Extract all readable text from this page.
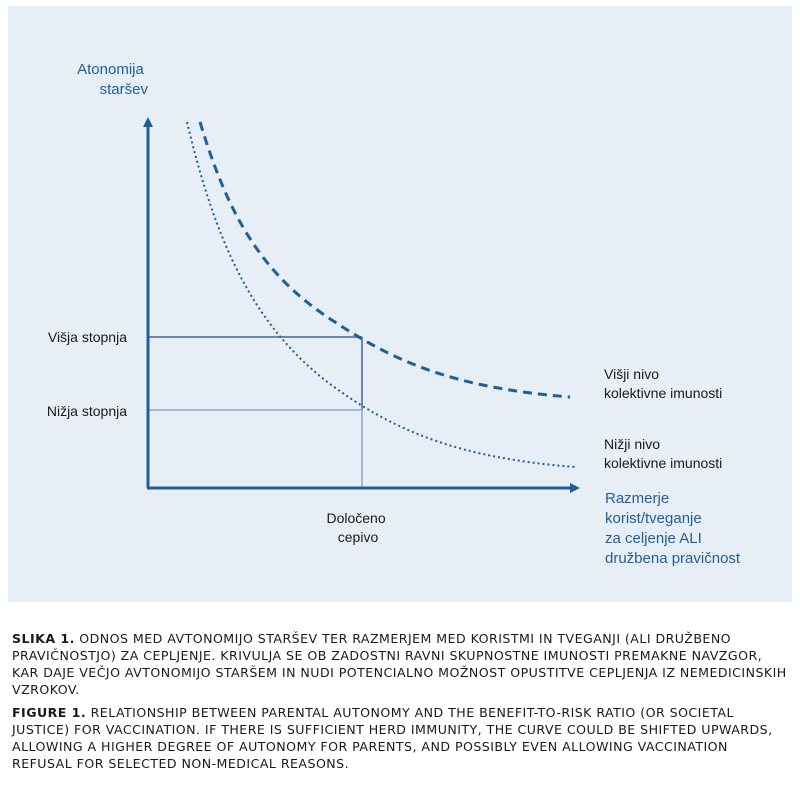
Atonomija staršev
Višja stopnja
Nižja stopnja
Določeno cepivo
Višji nivo kolektivne imunosti
Nižji nivo kolektivne imunosti
Razmerje korist/tveganje za celjenje ALI družbena pravičnost

SLIKA 1. ODNOS MED AVTONOMIJO STARŠEV TER RAZMERJEM MED KORISTMI IN TVEGANJI (ALI DRUŽBENO PRAVIČNOSTJO) ZA CEPLJENJE. KRIVULJA SE OB ZADOSTNI RAVNI SKUPNOSTNE IMUNOSTI PREMAKNE NAVZGOR, KAR DAJE VEČJO AVTONOMIJO STARŠEM IN NUDI POTENCIALNO MOŽNOST OPUSTITVE CEPLJENJA IZ NEMEDICINSKIH VZROKOV.

FIGURE 1. RELATIONSHIP BETWEEN PARENTAL AUTONOMY AND THE BENEFIT-TO-RISK RATIO (OR SOCIETAL JUSTICE) FOR VACCINATION. IF THERE IS SUFFICIENT HERD IMMUNITY, THE CURVE COULD BE SHIFTED UPWARDS, ALLOWING A HIGHER DEGREE OF AUTONOMY FOR PARENTS, AND POSSIBLY EVEN ALLOWING VACCINATION REFUSAL FOR SELECTED NON-MEDICAL REASONS.
